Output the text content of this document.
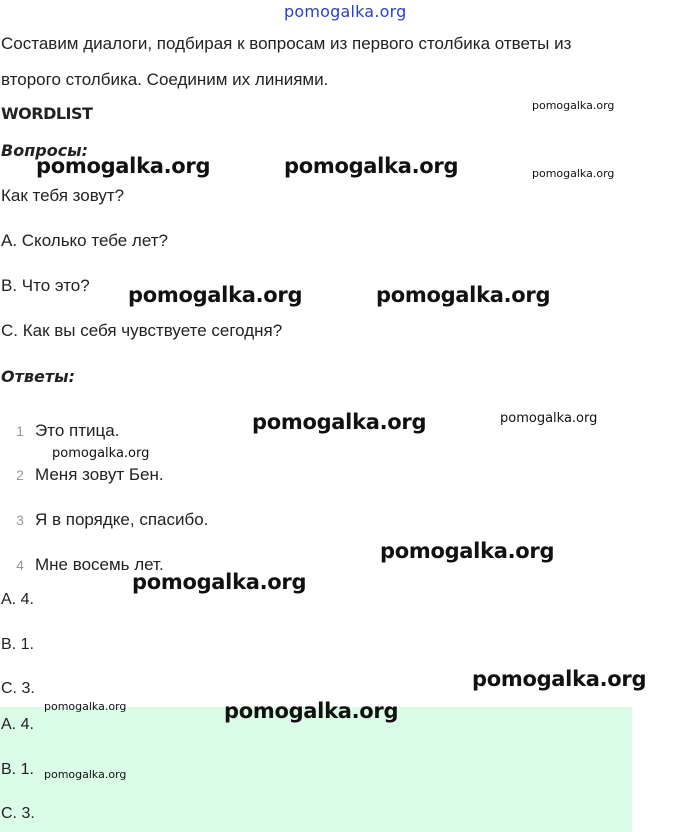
pomogalka.org
Составим диалоги, подбирая к вопросам из первого столбика ответы из
второго столбика. Соединим их линиями.
WORDLIST
Вопросы:
Как тебя зовут?
A. Сколько тебе лет?
B. Что это?
C. Как вы себя чувствуете сегодня?
Ответы:
1 Это птица.
2 Меня зовут Бен.
3 Я в порядке, спасибо.
4 Мне восемь лет.
A. 4.
B. 1.
C. 3.
A. 4.
B. 1.
C. 3.
pomogalka.org
pomogalka.org	pomogalka.org	pomogalka.org
pomogalka.org	pomogalka.org
pomogalka.org	pomogalka.org
pomogalka.org
pomogalka.org
pomogalka.org
pomogalka.org
pomogalka.org	pomogalka.org
pomogalka.org
